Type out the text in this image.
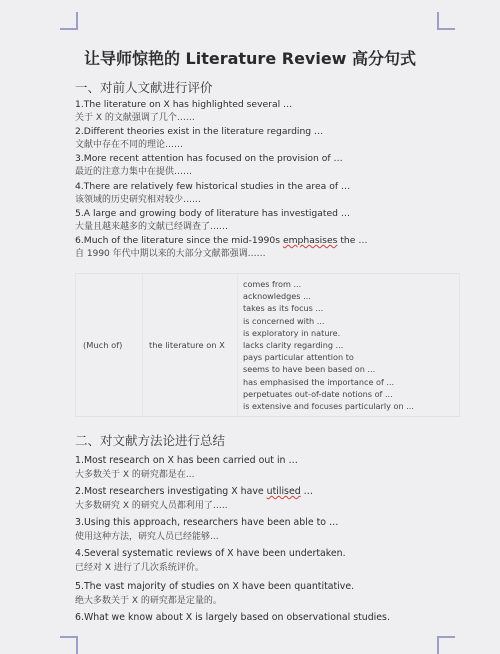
让导师惊艳的 Literature Review 高分句式
一、对前人文献进行评价
1.The literature on X has highlighted several …
关于 X 的文献强调了几个……
2.Different theories exist in the literature regarding …
文献中存在不同的理论……
3.More recent attention has focused on the provision of …
最近的注意力集中在提供……
4.There are relatively few historical studies in the area of …
该领域的历史研究相对较少……
5.A large and growing body of literature has investigated …
大量且越来越多的文献已经调查了……
6.Much of the literature since the mid-1990s emphasises the …
自 1990 年代中期以来的大部分文献都强调……
(Much of)	the literature on X
comes from ...
acknowledges ...
takes as its focus ...
is concerned with ...
is exploratory in nature.
lacks clarity regarding ...
pays particular attention to
seems to have been based on ...
has emphasised the importance of ...
perpetuates out-of-date notions of ...
is extensive and focuses particularly on ...
二、对文献方法论进行总结
1.Most research on X has been carried out in …
大多数关于 X 的研究都是在...
2.Most researchers investigating X have utilised …
大多数研究 X 的研究人员都利用了…..
3.Using this approach, researchers have been able to …
使用这种方法，研究人员已经能够...
4.Several systematic reviews of X have been undertaken.
已经对 X 进行了几次系统评价。
5.The vast majority of studies on X have been quantitative.
绝大多数关于 X 的研究都是定量的。
6.What we know about X is largely based on observational studies.
